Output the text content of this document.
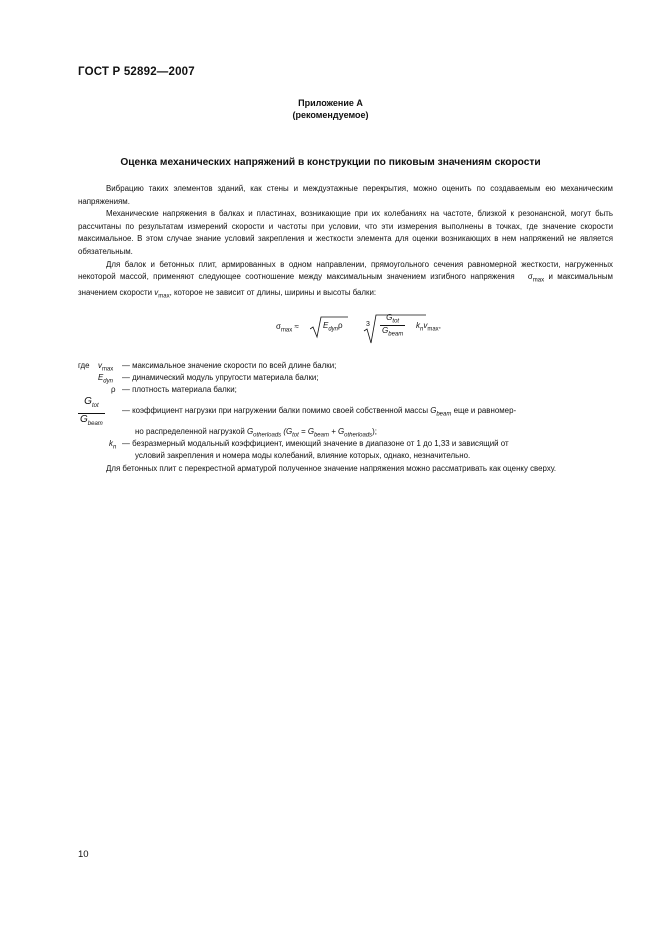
ГОСТ Р 52892—2007
Приложение А
(рекомендуемое)
Оценка механических напряжений в конструкции по пиковым значениям скорости

Вибрацию таких элементов зданий, как стены и междуэтажные перекрытия, можно оценить по создаваемым ею механическим напряжениям.

Механические напряжения в балках и пластинах, возникающие при их колебаниях на частоте, близкой к резонансной, могут быть рассчитаны по результатам измерений скорости и частоты при условии, что эти измерения выполнены в точках, где значение скорости максимальное. В этом случае знание условий закрепления и жесткости элемента для оценки возникающих в нем напряжений не является обязательным.

Для балок и бетонных плит, армированных в одном направлении, прямоугольного сечения равномерной жесткости, нагруженных некоторой массой, применяют следующее соотношение между максимальным значением изгибного напряжения $\sigma_{max}$ и максимальным значением скорости $v_{max}$, которое не зависит от длины, ширины и высоты балки:

$\sigma_{max}$ ≈	$E_{dyn}\rho$	3
$G_{tot}$
$G_{beam}$
$k_nv_{max}$,
где $v_{max}$ — максимальное значение скорости по всей длине балки;
$E_{dyn}$ — динамический модуль упругости материала балки;
ρ — плотность материала балки;
$G_{tot}$
$G_{beam}$
— коэффициент нагрузки при нагружении балки помимо своей собственной массы $G_{beam}$ еще и равномер-
но распределенной нагрузкой $G_{otherloads}$ $(G_{tot} = G_{beam} + G_{otherloads})$;
$k_n$ — безразмерный модальный коэффициент, имеющий значение в диапазоне от 1 до 1,33 и зависящий от
условий закрепления и номера моды колебаний, влияние которых, однако, незначительно.

Для бетонных плит с перекрестной арматурой полученное значение напряжения можно рассматривать как оценку сверху.

10
